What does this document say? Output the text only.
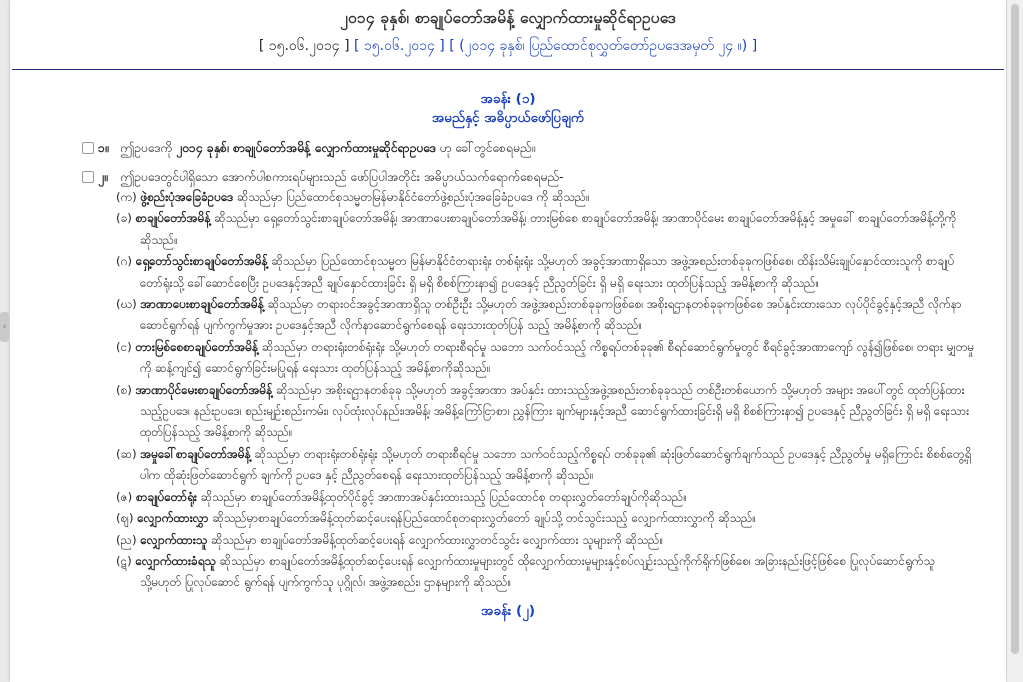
၂၀၁၄ ခုနှစ်၊ စာချုပ်တော်အမိန့် လျှောက်ထားမှုဆိုင်ရာဥပဒေ
[ ၁၅.၀၆.၂၀၁၄ ] [ ၁၅.၀၆.၂၀၁၄ ] [ (၂၀၁၄ ခုနှစ်၊ ပြည်ထောင်စုလွှတ်တော်ဥပဒေအမှတ် ၂၄ ။) ]
အခန်း (၁)
အမည်နှင့် အဓိပ္ပာယ်ဖော်ပြချက်
၁။ ဤဥပဒေကို ၂၀၁၄ ခုနှစ်၊ စာချုပ်တော်အမိန့် လျှောက်ထားမှုဆိုင်ရာဥပဒေ ဟု ခေါ်တွင်စေရမည်။
၂။ ဤဥပဒေတွင်ပါရှိသော အောက်ပါစကားရပ်များသည် ဖော်ပြပါအတိုင်း အဓိပ္ပာယ်သက်ရောက်စေရမည်-
(က) ဖွဲ့စည်းပုံအခြေခံဥပဒေ ဆိုသည်မှာ ပြည်ထောင်စုသမ္မတမြန်မာနိုင်ငံတော်ဖွဲ့စည်းပုံအခြေခံဥပဒေ ကို ဆိုသည်။
(ခ) စာချုပ်တော်အမိန့် ဆိုသည်မှာ ရှေ့တော်သွင်းစာချုပ်တော်အမိန့်၊ အာဏာပေးစာချုပ်တော်အမိန့်၊ တားမြစ်စေ စာချုပ်တော်အမိန့်၊ အာဏာပိုင်မေး စာချုပ်တော်အမိန့်နှင့် အမှုခေါ် စာချုပ်တော်အမိန့်တို့ကို ဆိုသည်။
(ဂ) ရှေ့တော်သွင်းစာချုပ်တော်အမိန့် ဆိုသည်မှာ ပြည်ထောင်စုသမ္မတ မြန်မာနိုင်ငံတရားရုံး တစ်ရုံးရုံး သို့မဟုတ် အခွင့်အာဏာရှိသော အဖွဲ့အစည်းတစ်ခုခုကဖြစ်စေ၊ ထိန်းသိမ်းချုပ်နှောင်ထားသူကို စာချုပ် တော်ရုံးသို့ ခေါ်ဆောင်စေပြီး ဥပဒေနှင့်အညီ ချုပ်နှောင်ထားခြင်း ရှိ မရှိ စိစစ်ကြားနာ၍ ဥပဒေနှင့် ညီညွတ်ခြင်း ရှိ မရှိ ရေးသား ထုတ်ပြန်သည့် အမိန့်စာကို ဆိုသည်။
(ဃ) အာဏာပေးစာချုပ်တော်အမိန့် ဆိုသည်မှာ တရားဝင်အခွင့်အာဏာရှိသူ တစ်ဦးဦး သို့မဟုတ် အဖွဲ့အစည်းတစ်ခုခုကဖြစ်စေ၊ အစိုးရဌာနတစ်ခုခုကဖြစ်စေ အပ်နှင်းထားသော လုပ်ပိုင်ခွင့်နှင့်အညီ လိုက်နာဆောင်ရွက်ရန် ပျက်ကွက်မှုအား ဥပဒေနှင့်အညီ လိုက်နာဆောင်ရွက်စေရန် ရေးသားထုတ်ပြန် သည့် အမိန့်စာကို ဆိုသည်။
(င) တားမြစ်စေစာချုပ်တော်အမိန့် ဆိုသည်မှာ တရားရုံးတစ်ရုံးရုံး သို့မဟုတ် တရားစီရင်မှု သဘော သက်ဝင်သည့် ကိစ္စရပ်တစ်ခုခု၏ စီရင်ဆောင်ရွက်မှုတွင် စီရင်ခွင့်အာဏာကျော် လွန်၍ဖြစ်စေ၊ တရား မျှတမှုကို ဆန့်ကျင်၍ ဆောင်ရွက်ခြင်းမပြုရန် ရေးသား ထုတ်ပြန်သည့် အမိန့်စာကိုဆိုသည်။
(စ) အာဏာပိုင်မေးစာချုပ်တော်အမိန့် ဆိုသည်မှာ အစိုးရဌာနတစ်ခုခု သို့မဟုတ် အခွင့်အာဏာ အပ်နှင်း ထားသည့်အဖွဲ့အစည်းတစ်ခုခုသည် တစ်ဦးတစ်ယောက် သို့မဟုတ် အများ အပေါ်တွင် ထုတ်ပြန်ထား သည့်ဥပဒေ၊ နည်းဥပဒေ၊ စည်းမျဉ်းစည်းကမ်း၊ လုပ်ထုံးလုပ်နည်း၊အမိန့်၊ အမိန့်ကြော်ငြာစာ၊ ညွှန်ကြား ချက်များနှင့်အညီ ဆောင်ရွက်ထားခြင်းရှိ မရှိ စိစစ်ကြားနာ၍ ဥပဒေနှင့် ညီညွတ်ခြင်း ရှိ မရှိ ရေးသား ထုတ်ပြန်သည့် အမိန့်စာကို ဆိုသည်။
(ဆ) အမှုခေါ်စာချုပ်တော်အမိန့် ဆိုသည်မှာ တရားရုံးတစ်ရုံးရုံး သို့မဟုတ် တရားစီရင်မှု သဘော သက်ဝင်သည့်ကိစ္စရပ် တစ်ခုခု၏ ဆုံးဖြတ်ဆောင်ရွက်ချက်သည် ဥပဒေနှင့် ညီညွတ်မှု မရှိကြောင်း စိစစ်တွေ့ရှိပါက ထိုဆုံးဖြတ်ဆောင်ရွက် ချက်ကို ဥပဒေ နှင့် ညီညွတ်စေရန် ရေးသားထုတ်ပြန်သည့် အမိန့်စာကို ဆိုသည်။
(ဇ) စာချုပ်တော်ရုံး ဆိုသည်မှာ စာချုပ်တော်အမိန့်ထုတ်ပိုင်ခွင့် အာဏာအပ်နှင်းထားသည့် ပြည်ထောင်စု တရားလွှတ်တော်ချုပ်ကိုဆိုသည်။
(ဈ) လျှောက်ထားလွှာ ဆိုသည်မှာစာချုပ်တော်အမိန့်ထုတ်ဆင့်ပေးရန်ပြည်ထောင်စုတရားလွှတ်တော် ချုပ်သို့ တင်သွင်းသည့် လျှောက်ထားလွှာကို ဆိုသည်။
(ည) လျှောက်ထားသူ ဆိုသည်မှာ စာချုပ်တော်အမိန့်ထုတ်ဆင့်ပေးရန် လျှောက်ထားလွှာတင်သွင်း လျှောက်ထား သူများကို ဆိုသည်။
(ဋ) လျှောက်ထားခံရသူ ဆိုသည်မှာ စာချုပ်တော်အမိန့်ထုတ်ဆင့်ပေးရန် လျှောက်ထားမှုများတွင် ထိုလျှောက်ထားမှုများနှင့်စပ်လျဉ်းသည့်ကိုက်ရိုက်ဖြစ်စေ၊ အခြားနည်းဖြင့်ဖြစ်စေ ပြုလုပ်ဆောင်ရွက်သူ သို့မဟုတ် ပြုလုပ်ဆောင် ရွက်ရန် ပျက်ကွက်သူ ပုဂ္ဂိုလ်၊ အဖွဲ့အစည်း၊ ဌာနများကို ဆိုသည်။
အခန်း (၂)
‹
